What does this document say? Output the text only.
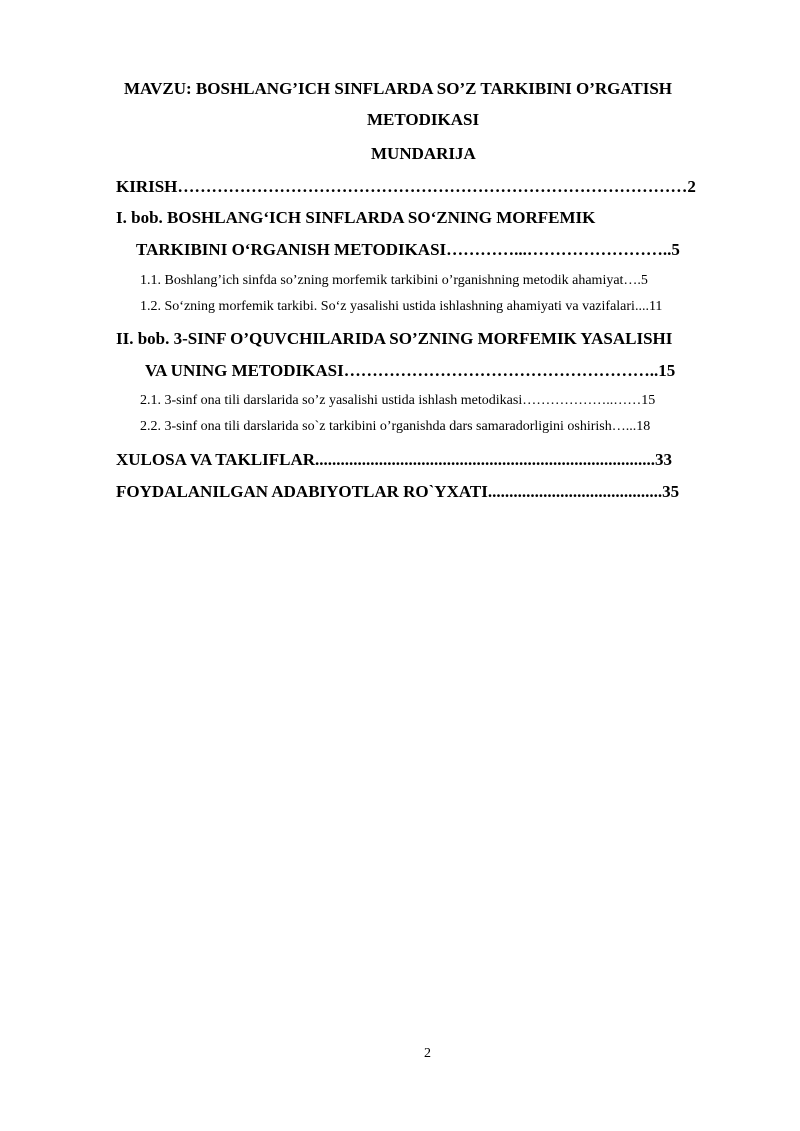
MAVZU: BOSHLANG’ICH SINFLARDA SO’Z TARKIBINI O’RGATISH
METODIKASI
MUNDARIJA
KIRISH………………………………………………………………………………2
I. bob. BOSHLANG‘ICH SINFLARDA SO‘ZNING MORFEMIK
TARKIBINI O‘RGANISH METODIKASI…………...……………………..5
1.1. Boshlang’ich sinfda so’zning morfemik tarkibini o’rganishning metodik ahamiyat….5
1.2. So‘zning morfemik tarkibi. So‘z yasalishi ustida ishlashning ahamiyati va vazifalari....11
II. bob. 3-SINF O’QUVCHILARIDA SO’ZNING MORFEMIK YASALISHI
VA UNING METODIKASI………………………………………………..15
2.1. 3-sinf ona tili darslarida so’z yasalishi ustida ishlash metodikasi………………..……15
2.2. 3-sinf ona tili darslarida so`z tarkibini o’rganishda dars samaradorligini oshirish…...18
XULOSA VA TAKLIFLAR................................................................................33
FOYDALANILGAN ADABIYOTLAR RO`YXATI.........................................35
2
